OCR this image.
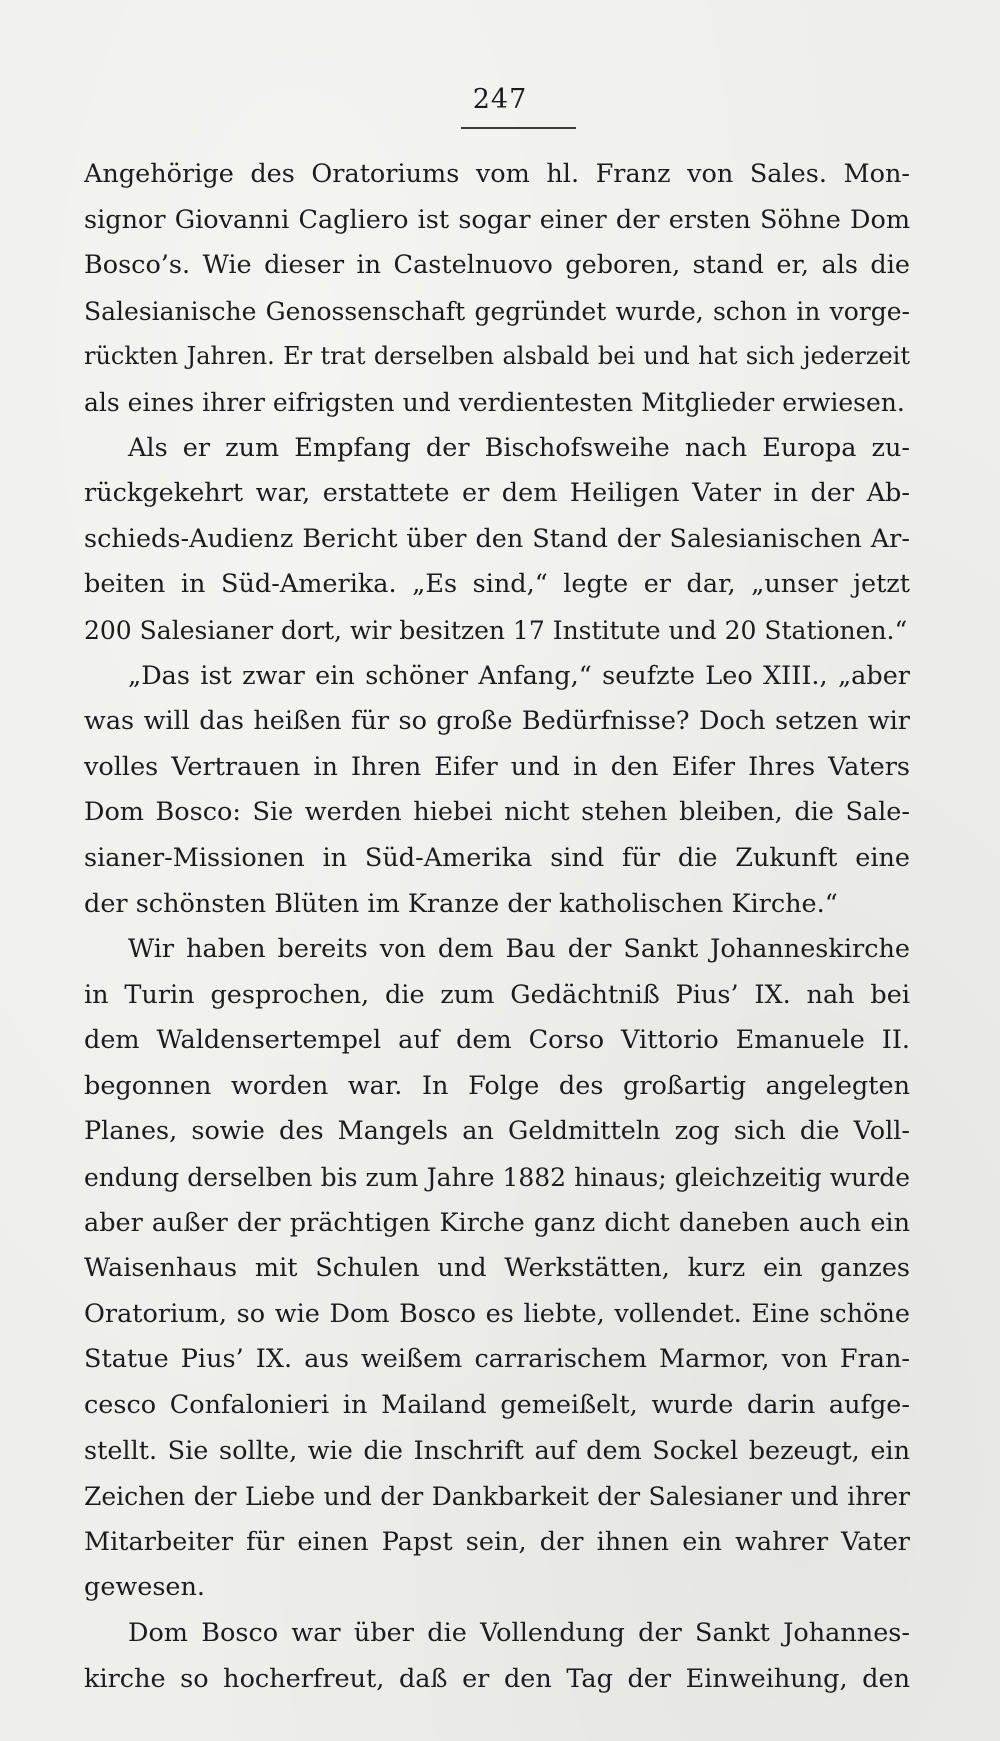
247
Angehörige des Oratoriums vom hl. Franz von Sales. Mon-
signor Giovanni Cagliero ist sogar einer der ersten Söhne Dom
Bosco’s. Wie dieser in Castelnuovo geboren, stand er, als die
Salesianische Genossenschaft gegründet wurde, schon in vorge-
rückten Jahren. Er trat derselben alsbald bei und hat sich jederzeit
als eines ihrer eifrigsten und verdientesten Mitglieder erwiesen.
Als er zum Empfang der Bischofsweihe nach Europa zu-
rückgekehrt war, erstattete er dem Heiligen Vater in der Ab-
schieds-Audienz Bericht über den Stand der Salesianischen Ar-
beiten in Süd-Amerika. „Es sind,“ legte er dar, „unser jetzt
200 Salesianer dort, wir besitzen 17 Institute und 20 Stationen.“
„Das ist zwar ein schöner Anfang,“ seufzte Leo XIII., „aber
was will das heißen für so große Bedürfnisse? Doch setzen wir
volles Vertrauen in Ihren Eifer und in den Eifer Ihres Vaters
Dom Bosco: Sie werden hiebei nicht stehen bleiben, die Sale-
sianer-Missionen in Süd-Amerika sind für die Zukunft eine
der schönsten Blüten im Kranze der katholischen Kirche.“
Wir haben bereits von dem Bau der Sankt Johanneskirche
in Turin gesprochen, die zum Gedächtniß Pius’ IX. nah bei
dem Waldensertempel auf dem Corso Vittorio Emanuele II.
begonnen worden war. In Folge des großartig angelegten
Planes, sowie des Mangels an Geldmitteln zog sich die Voll-
endung derselben bis zum Jahre 1882 hinaus; gleichzeitig wurde
aber außer der prächtigen Kirche ganz dicht daneben auch ein
Waisenhaus mit Schulen und Werkstätten, kurz ein ganzes
Oratorium, so wie Dom Bosco es liebte, vollendet. Eine schöne
Statue Pius’ IX. aus weißem carrarischem Marmor, von Fran-
cesco Confalonieri in Mailand gemeißelt, wurde darin aufge-
stellt. Sie sollte, wie die Inschrift auf dem Sockel bezeugt, ein
Zeichen der Liebe und der Dankbarkeit der Salesianer und ihrer
Mitarbeiter für einen Papst sein, der ihnen ein wahrer Vater
gewesen.
Dom Bosco war über die Vollendung der Sankt Johannes-
kirche so hocherfreut, daß er den Tag der Einweihung, den
